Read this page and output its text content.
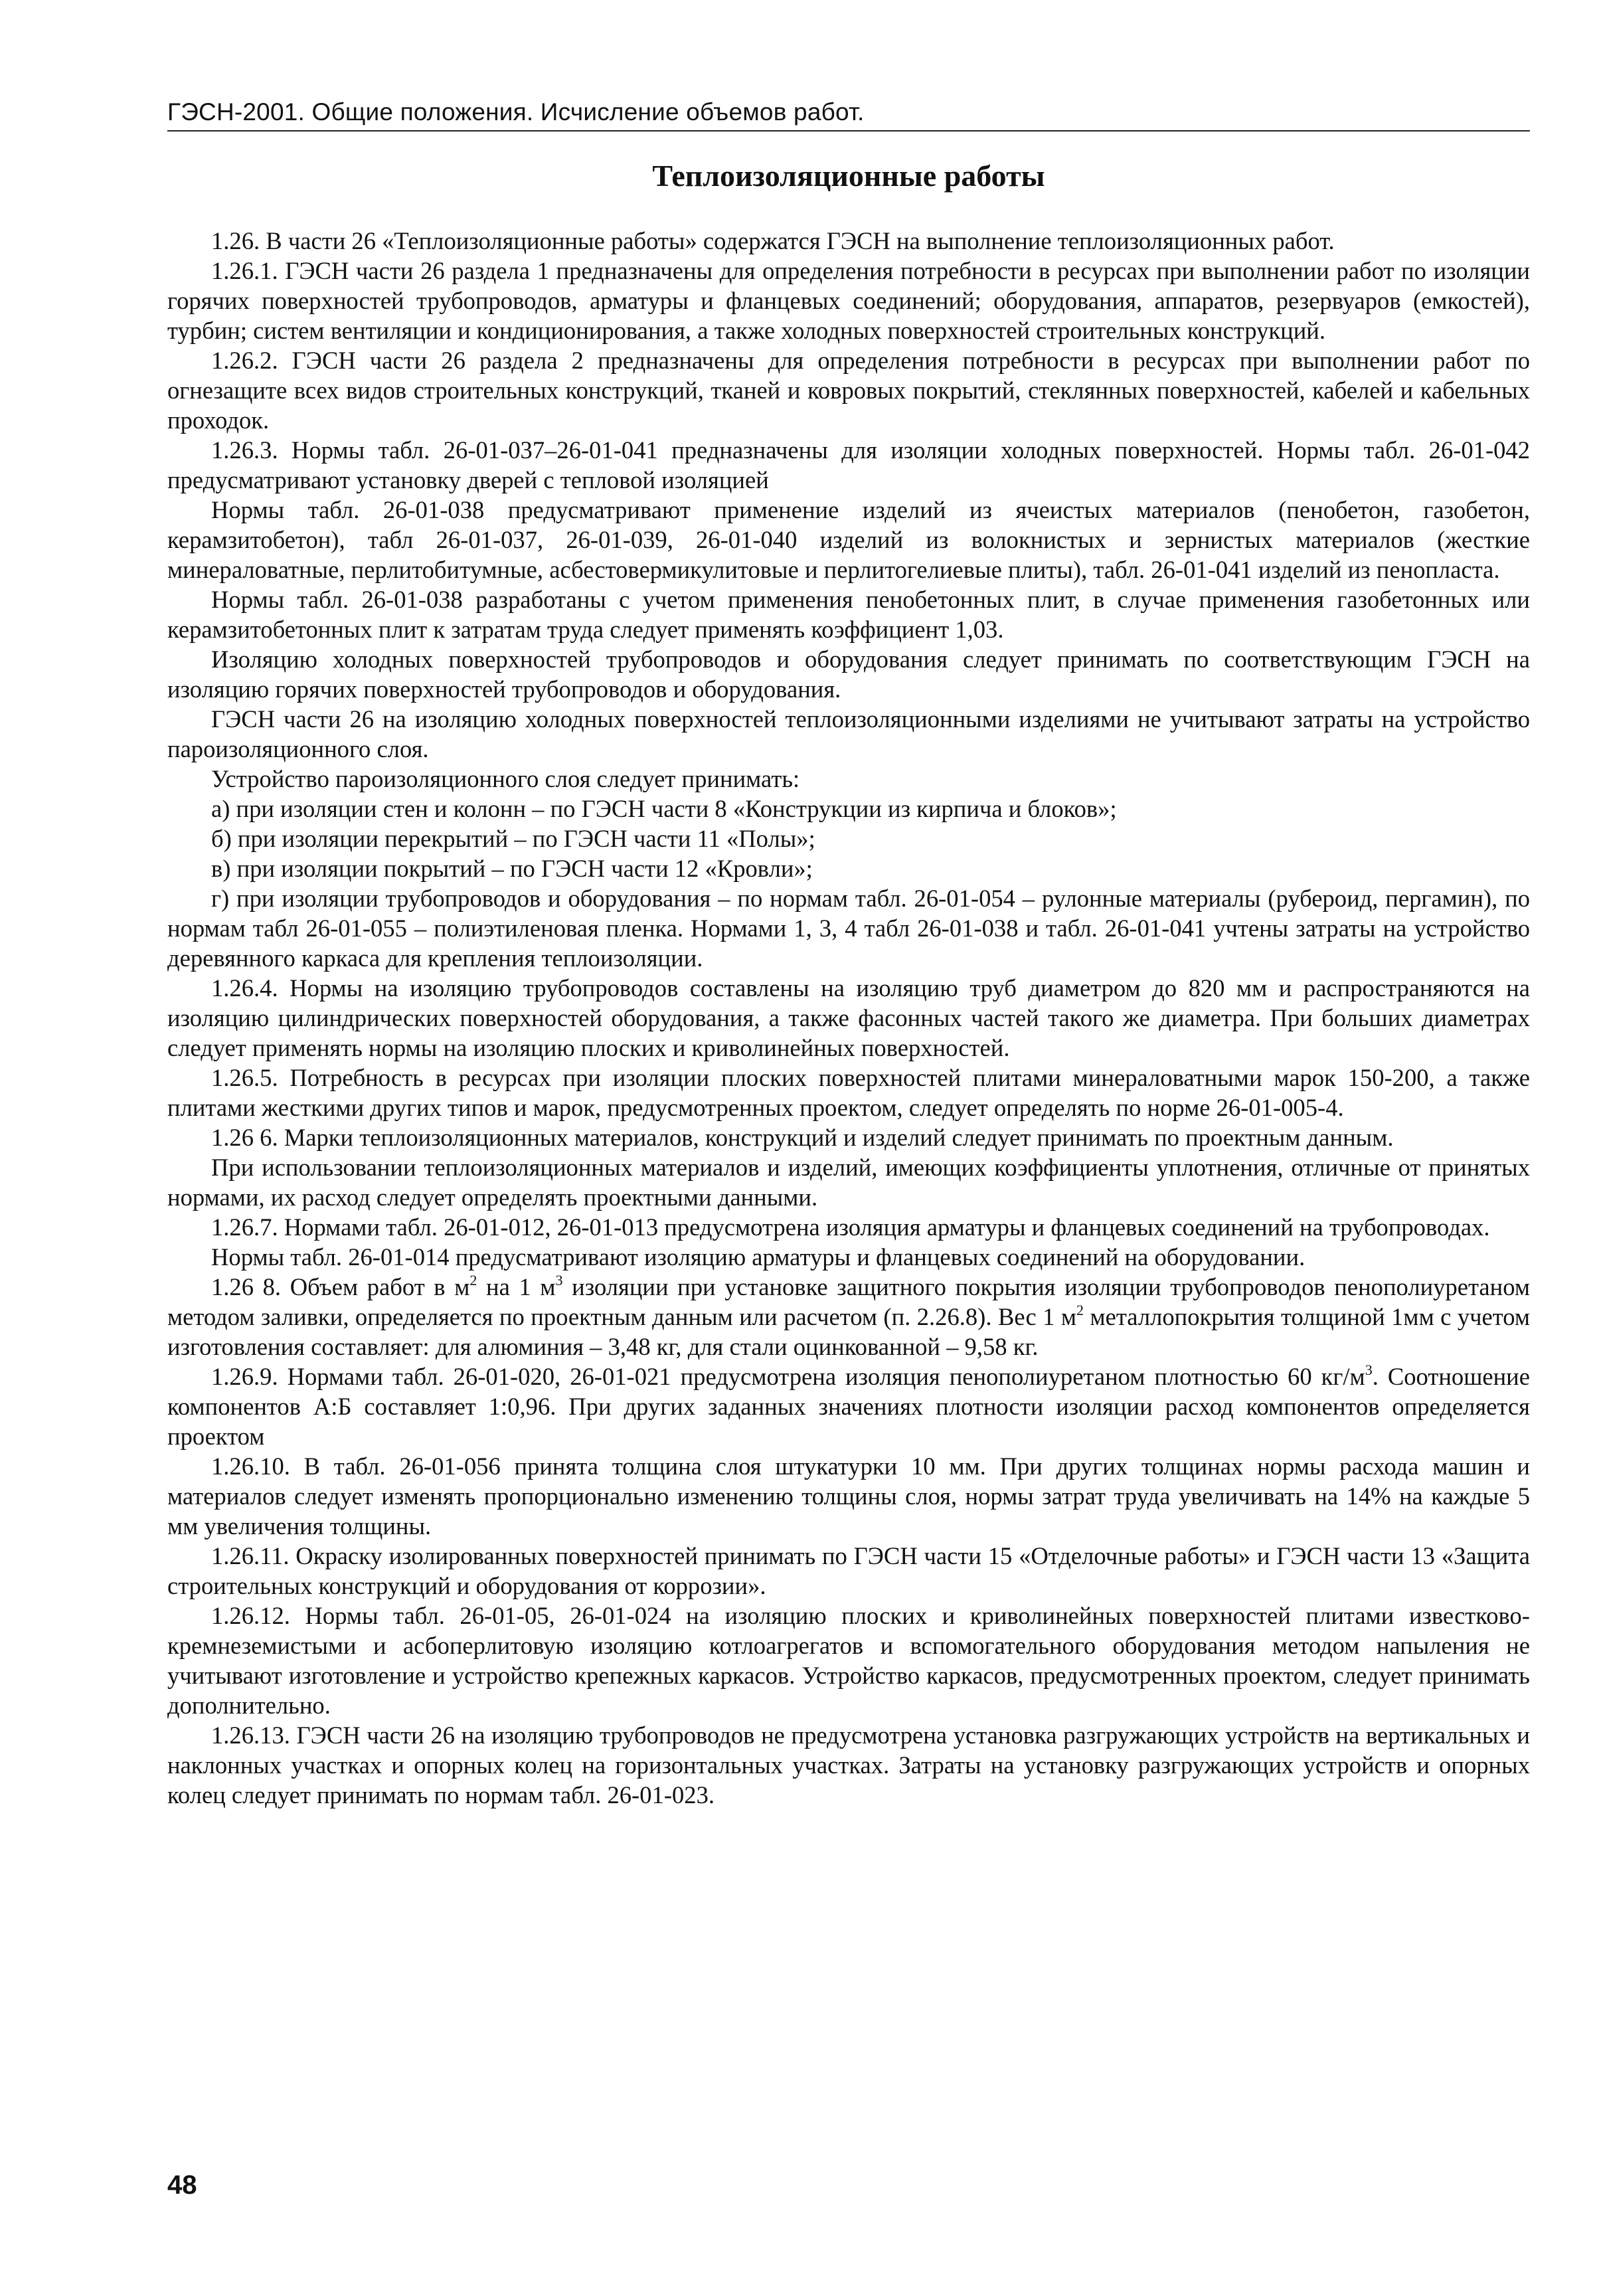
ГЭСН-2001. Общие положения. Исчисление объемов работ.
Теплоизоляционные работы

1.26. В части 26 «Теплоизоляционные работы» содержатся ГЭСН на выполнение теплоизоляционных работ.

1.26.1. ГЭСН части 26 раздела 1 предназначены для определения потребности в ресурсах при выполнении работ по изоляции горячих поверхностей трубопроводов, арматуры и фланцевых соединений; оборудования, аппаратов, резервуаров (емкостей), турбин; систем вентиляции и кондиционирования, а также холодных поверхностей строительных конструкций.

1.26.2. ГЭСН части 26 раздела 2 предназначены для определения потребности в ресурсах при выполнении работ по огнезащите всех видов строительных конструкций, тканей и ковровых покрытий, стеклянных поверхностей, кабелей и кабельных проходок.

1.26.3. Нормы табл. 26-01-037–26-01-041 предназначены для изоляции холодных поверхностей. Нормы табл. 26-01-042 предусматривают установку дверей с тепловой изоляцией

Нормы табл. 26-01-038 предусматривают применение изделий из ячеистых материалов (пенобетон, газобетон, керамзитобетон), табл 26-01-037, 26-01-039, 26-01-040 изделий из волокнистых и зернистых материалов (жесткие минераловатные, перлитобитумные, асбестовермикулитовые и перлитогелиевые плиты), табл. 26-01-041 изделий из пенопласта.

Нормы табл. 26-01-038 разработаны с учетом применения пенобетонных плит, в случае применения газобетонных или керамзитобетонных плит к затратам труда следует применять коэффициент 1,03.

Изоляцию холодных поверхностей трубопроводов и оборудования следует принимать по соответствующим ГЭСН на изоляцию горячих поверхностей трубопроводов и оборудования.

ГЭСН части 26 на изоляцию холодных поверхностей теплоизоляционными изделиями не учитывают затраты на устройство пароизоляционного слоя.

Устройство пароизоляционного слоя следует принимать:

а) при изоляции стен и колонн – по ГЭСН части 8 «Конструкции из кирпича и блоков»;

б) при изоляции перекрытий – по ГЭСН части 11 «Полы»;

в) при изоляции покрытий – по ГЭСН части 12 «Кровли»;

г) при изоляции трубопроводов и оборудования – по нормам табл. 26-01-054 – рулонные материалы (рубероид, пергамин), по нормам табл 26-01-055 – полиэтиленовая пленка. Нормами 1, 3, 4 табл 26-01-038 и табл. 26-01-041 учтены затраты на устройство деревянного каркаса для крепления теплоизоляции.

1.26.4. Нормы на изоляцию трубопроводов составлены на изоляцию труб диаметром до 820 мм и распространяются на изоляцию цилиндрических поверхностей оборудования, а также фасонных частей такого же диаметра. При больших диаметрах следует применять нормы на изоляцию плоских и криволинейных поверхностей.

1.26.5. Потребность в ресурсах при изоляции плоских поверхностей плитами минераловатными марок 150-200, а также плитами жесткими других типов и марок, предусмотренных проектом, следует определять по норме 26-01-005-4.

1.26 6. Марки теплоизоляционных материалов, конструкций и изделий следует принимать по проектным данным.

При использовании теплоизоляционных материалов и изделий, имеющих коэффициенты уплотнения, отличные от принятых нормами, их расход следует определять проектными данными.

1.26.7. Нормами табл. 26-01-012, 26-01-013 предусмотрена изоляция арматуры и фланцевых соединений на трубопроводах.

Нормы табл. 26-01-014 предусматривают изоляцию арматуры и фланцевых соединений на оборудовании.

1.26 8. Объем работ в $м^2$ на 1 $м^3$ изоляции при установке защитного покрытия изоляции трубопроводов пенополиуретаном методом заливки, определяется по проектным данным или расчетом (п. 2.26.8). Вес 1 $м^2$ металлопокрытия толщиной 1мм с учетом изготовления составляет: для алюминия – 3,48 кг, для стали оцинкованной – 9,58 кг.

1.26.9. Нормами табл. 26-01-020, 26-01-021 предусмотрена изоляция пенополиуретаном плотностью 60 $кг/м^3$. Соотношение компонентов А:Б составляет 1:0,96. При других заданных значениях плотности изоляции расход компонентов определяется проектом

1.26.10. В табл. 26-01-056 принята толщина слоя штукатурки 10 мм. При других толщинах нормы расхода машин и материалов следует изменять пропорционально изменению толщины слоя, нормы затрат труда увеличивать на 14% на каждые 5 мм увеличения толщины.

1.26.11. Окраску изолированных поверхностей принимать по ГЭСН части 15 «Отделочные работы» и ГЭСН части 13 «Защита строительных конструкций и оборудования от коррозии».

1.26.12. Нормы табл. 26-01-05, 26-01-024 на изоляцию плоских и криволинейных поверхностей плитами известково-кремнеземистыми и асбоперлитовую изоляцию котлоагрегатов и вспомогательного оборудования методом напыления не учитывают изготовление и устройство крепежных каркасов. Устройство каркасов, предусмотренных проектом, следует принимать дополнительно.

1.26.13. ГЭСН части 26 на изоляцию трубопроводов не предусмотрена установка разгружающих устройств на вертикальных и наклонных участках и опорных колец на горизонтальных участках. Затраты на установку разгружающих устройств и опорных колец следует принимать по нормам табл. 26-01-023.

48
